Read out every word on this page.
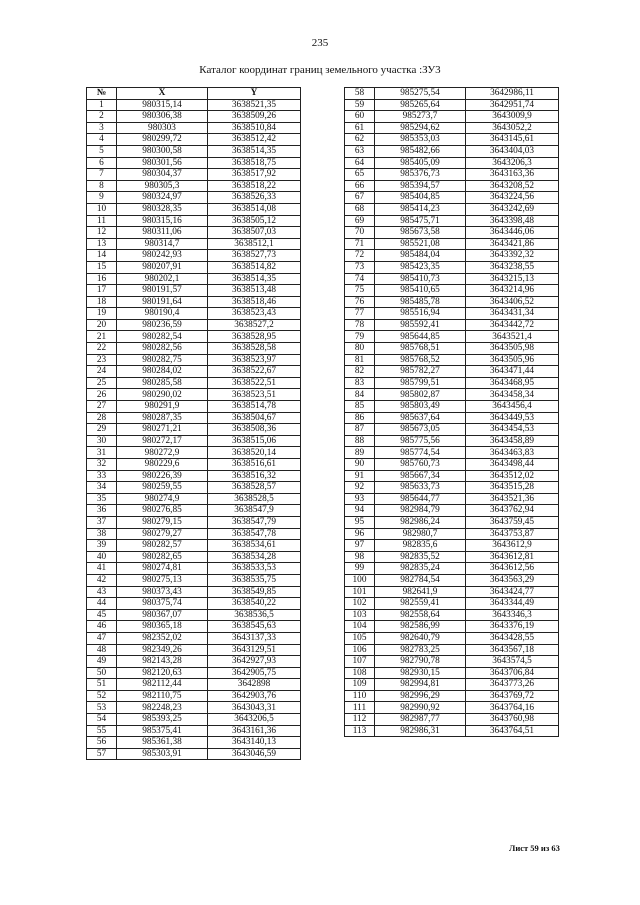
235
Каталог координат границ земельного участка :ЗУ3
№	X	Y
1	980315,14	3638521,35
2	980306,38	3638509,26
3	980303	3638510,84
4	980299,72	3638512,42
5	980300,58	3638514,35
6	980301,56	3638518,75
7	980304,37	3638517,92
8	980305,3	3638518,22
9	980324,97	3638526,33
10	980328,35	3638514,08
11	980315,16	3638505,12
12	980311,06	3638507,03
13	980314,7	3638512,1
14	980242,93	3638527,73
15	980207,91	3638514,82
16	980202,1	3638514,35
17	980191,57	3638513,48
18	980191,64	3638518,46
19	980190,4	3638523,43
20	980236,59	3638527,2
21	980282,54	3638528,95
22	980282,56	3638528,58
23	980282,75	3638523,97
24	980284,02	3638522,67
25	980285,58	3638522,51
26	980290,02	3638523,51
27	980291,9	3638514,78
28	980287,35	3638504,67
29	980271,21	3638508,36
30	980272,17	3638515,06
31	980272,9	3638520,14
32	980229,6	3638516,61
33	980226,39	3638516,32
34	980259,55	3638528,57
35	980274,9	3638528,5
36	980276,85	3638547,9
37	980279,15	3638547,79
38	980279,27	3638547,78
39	980282,57	3638534,61
40	980282,65	3638534,28
41	980274,81	3638533,53
42	980275,13	3638535,75
43	980373,43	3638549,85
44	980375,74	3638540,22
45	980367,07	3638536,5
46	980365,18	3638545,63
47	982352,02	3643137,33
48	982349,26	3643129,51
49	982143,28	3642927,93
50	982120,63	3642905,75
51	982112,44	3642898
52	982110,75	3642903,76
53	982248,23	3643043,31
54	985393,25	3643206,5
55	985375,41	3643161,36
56	985361,38	3643140,13
57	985303,91	3643046,59
58	985275,54	3642986,11
59	985265,64	3642951,74
60	985273,7	3643009,9
61	985294,62	3643052,2
62	985353,03	3643145,61
63	985482,66	3643404,03
64	985405,09	3643206,3
65	985376,73	3643163,36
66	985394,57	3643208,52
67	985404,85	3643224,56
68	985414,23	3643242,69
69	985475,71	3643398,48
70	985673,58	3643446,06
71	985521,08	3643421,86
72	985484,04	3643392,32
73	985423,35	3643238,55
74	985410,73	3643215,13
75	985410,65	3643214,96
76	985485,78	3643406,52
77	985516,94	3643431,34
78	985592,41	3643442,72
79	985644,85	3643521,4
80	985768,51	3643505,98
81	985768,52	3643505,96
82	985782,27	3643471,44
83	985799,51	3643468,95
84	985802,87	3643458,34
85	985803,49	3643456,4
86	985637,64	3643449,53
87	985673,05	3643454,53
88	985775,56	3643458,89
89	985774,54	3643463,83
90	985760,73	3643498,44
91	985667,34	3643512,02
92	985633,73	3643515,28
93	985644,77	3643521,36
94	982984,79	3643762,94
95	982986,24	3643759,45
96	982980,7	3643753,87
97	982835,6	3643612,9
98	982835,52	3643612,81
99	982835,24	3643612,56
100	982784,54	3643563,29
101	982641,9	3643424,77
102	982559,41	3643344,49
103	982558,64	3643346,3
104	982586,99	3643376,19
105	982640,79	3643428,55
106	982783,25	3643567,18
107	982790,78	3643574,5
108	982930,15	3643706,84
109	982994,81	3643773,26
110	982996,29	3643769,72
111	982990,92	3643764,16
112	982987,77	3643760,98
113	982986,31	3643764,51
Лист 59 из 63
